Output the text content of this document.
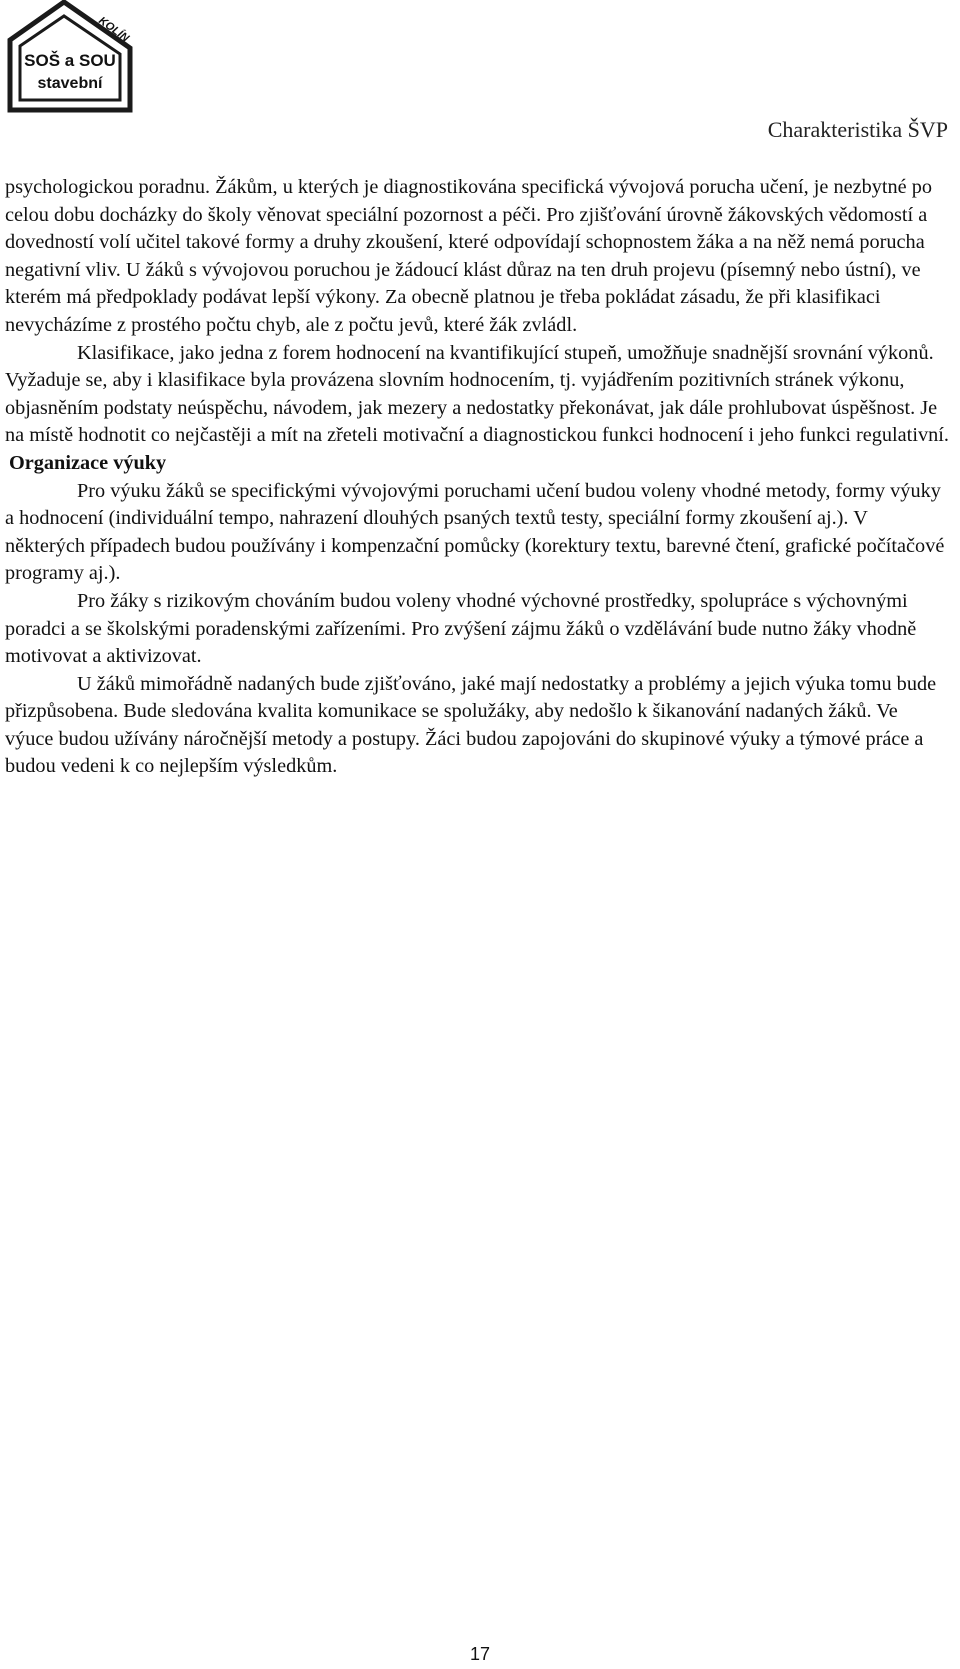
SOŠ a SOU
stavební
KOLÍN
Charakteristika ŠVP

psychologickou poradnu. Žákům, u kterých je diagnostikována specifická vývojová porucha učení, je nezbytné po celou dobu docházky do školy věnovat speciální pozornost a péči. Pro zjišťování úrovně žákovských vědomostí a dovedností volí učitel takové formy a druhy zkoušení, které odpovídají schopnostem žáka a na něž nemá porucha negativní vliv. U žáků s vývojovou poruchou je žádoucí klást důraz na ten druh projevu (písemný nebo ústní), ve kterém má předpoklady podávat lepší výkony. Za obecně platnou je třeba pokládat zásadu, že při klasifikaci nevycházíme z prostého počtu chyb, ale z počtu jevů, které žák zvládl.

Klasifikace, jako jedna z forem hodnocení na kvantifikující stupeň, umožňuje snadnější srovnání výkonů. Vyžaduje se, aby i klasifikace byla provázena slovním hodnocením, tj. vyjádřením pozitivních stránek výkonu, objasněním podstaty neúspěchu, návodem, jak mezery a nedostatky překonávat, jak dále prohlubovat úspěšnost. Je na místě hodnotit co nejčastěji a mít na zřeteli motivační a diagnostickou funkci hodnocení i jeho funkci regulativní.

Organizace výuky

Pro výuku žáků se specifickými vývojovými poruchami učení budou voleny vhodné metody, formy výuky a hodnocení (individuální tempo, nahrazení dlouhých psaných textů testy, speciální formy zkoušení aj.). V některých případech budou používány i kompenzační pomůcky (korektury textu, barevné čtení, grafické počítačové programy aj.).

Pro žáky s rizikovým chováním budou voleny vhodné výchovné prostředky, spolupráce s výchovnými poradci a se školskými poradenskými zařízeními. Pro zvýšení zájmu žáků o vzdělávání bude nutno žáky vhodně motivovat a aktivizovat.

U žáků mimořádně nadaných bude zjišťováno, jaké mají nedostatky a problémy a jejich výuka tomu bude přizpůsobena. Bude sledována kvalita komunikace se spolužáky, aby nedošlo k šikanování nadaných žáků. Ve výuce budou užívány náročnější metody a postupy. Žáci budou zapojováni do skupinové výuky a týmové práce a budou vedeni k co nejlepším výsledkům.

17
